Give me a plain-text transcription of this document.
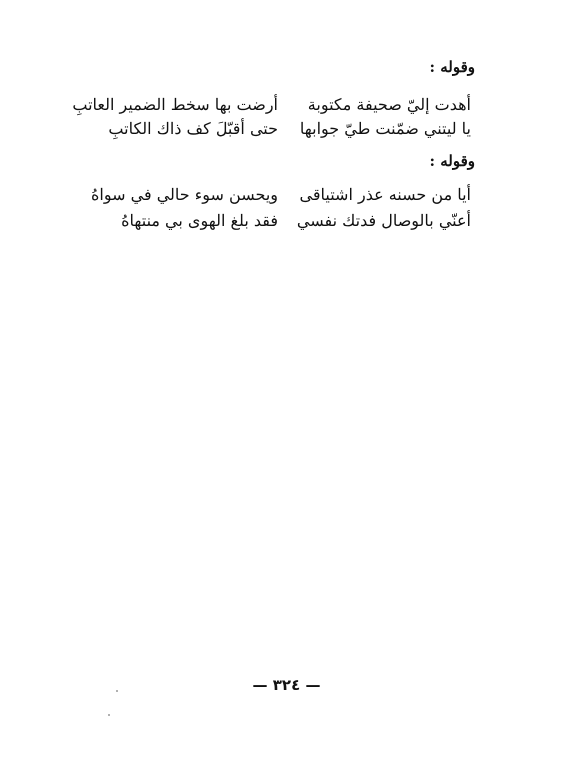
وقوله :
أهدت إليّ صحيفة مكتوبة
أرضت بها سخط الضمير العاتبِ
يا ليتني ضمّنت طيّ جوابها
حتى أقبّلَ كف ذاك الكاتبِ
وقوله :
أيا من حسنه عذر اشتياقى
ويحسن سوء حالي في سواهُ
أعنّي بالوصال فدتك نفسي
فقد بلغ الهوى بي منتهاهُ
— ٣٢٤ —
